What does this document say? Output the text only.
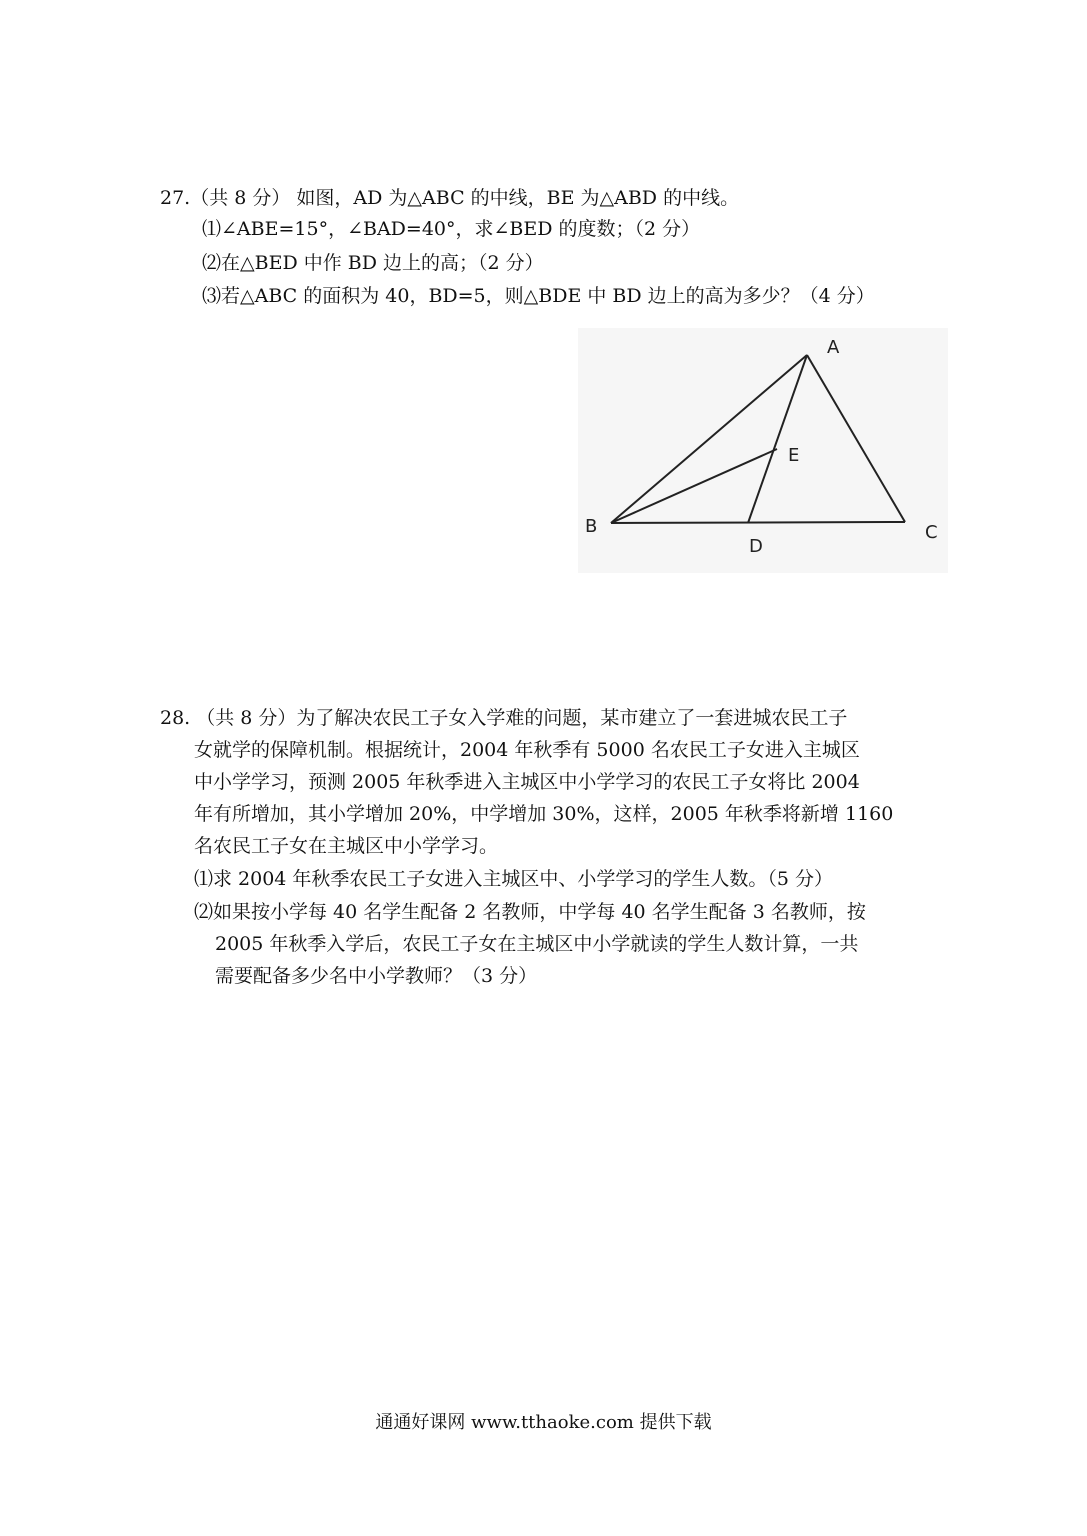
27.（共 8 分） 如图，AD 为△ABC 的中线，BE 为△ABD 的中线。
⑴∠ABE=15°，∠BAD=40°，求∠BED 的度数；（2 分）
⑵在△BED 中作 BD 边上的高；（2 分）
⑶若△ABC 的面积为 40，BD=5，则△BDE 中 BD 边上的高为多少？（4 分）
A
B	C
D
E
28. （共 8 分）为了解决农民工子女入学难的问题，某市建立了一套进城农民工子
女就学的保障机制。根据统计，2004 年秋季有 5000 名农民工子女进入主城区
中小学学习，预测 2005 年秋季进入主城区中小学学习的农民工子女将比 2004
年有所增加，其小学增加 20%，中学增加 30%，这样，2005 年秋季将新增 1160
名农民工子女在主城区中小学学习。
⑴求 2004 年秋季农民工子女进入主城区中、小学学习的学生人数。（5 分）
⑵如果按小学每 40 名学生配备 2 名教师，中学每 40 名学生配备 3 名教师，按
2005 年秋季入学后，农民工子女在主城区中小学就读的学生人数计算，一共
需要配备多少名中小学教师？（3 分）
通通好课网 www.tthaoke.com 提供下载
